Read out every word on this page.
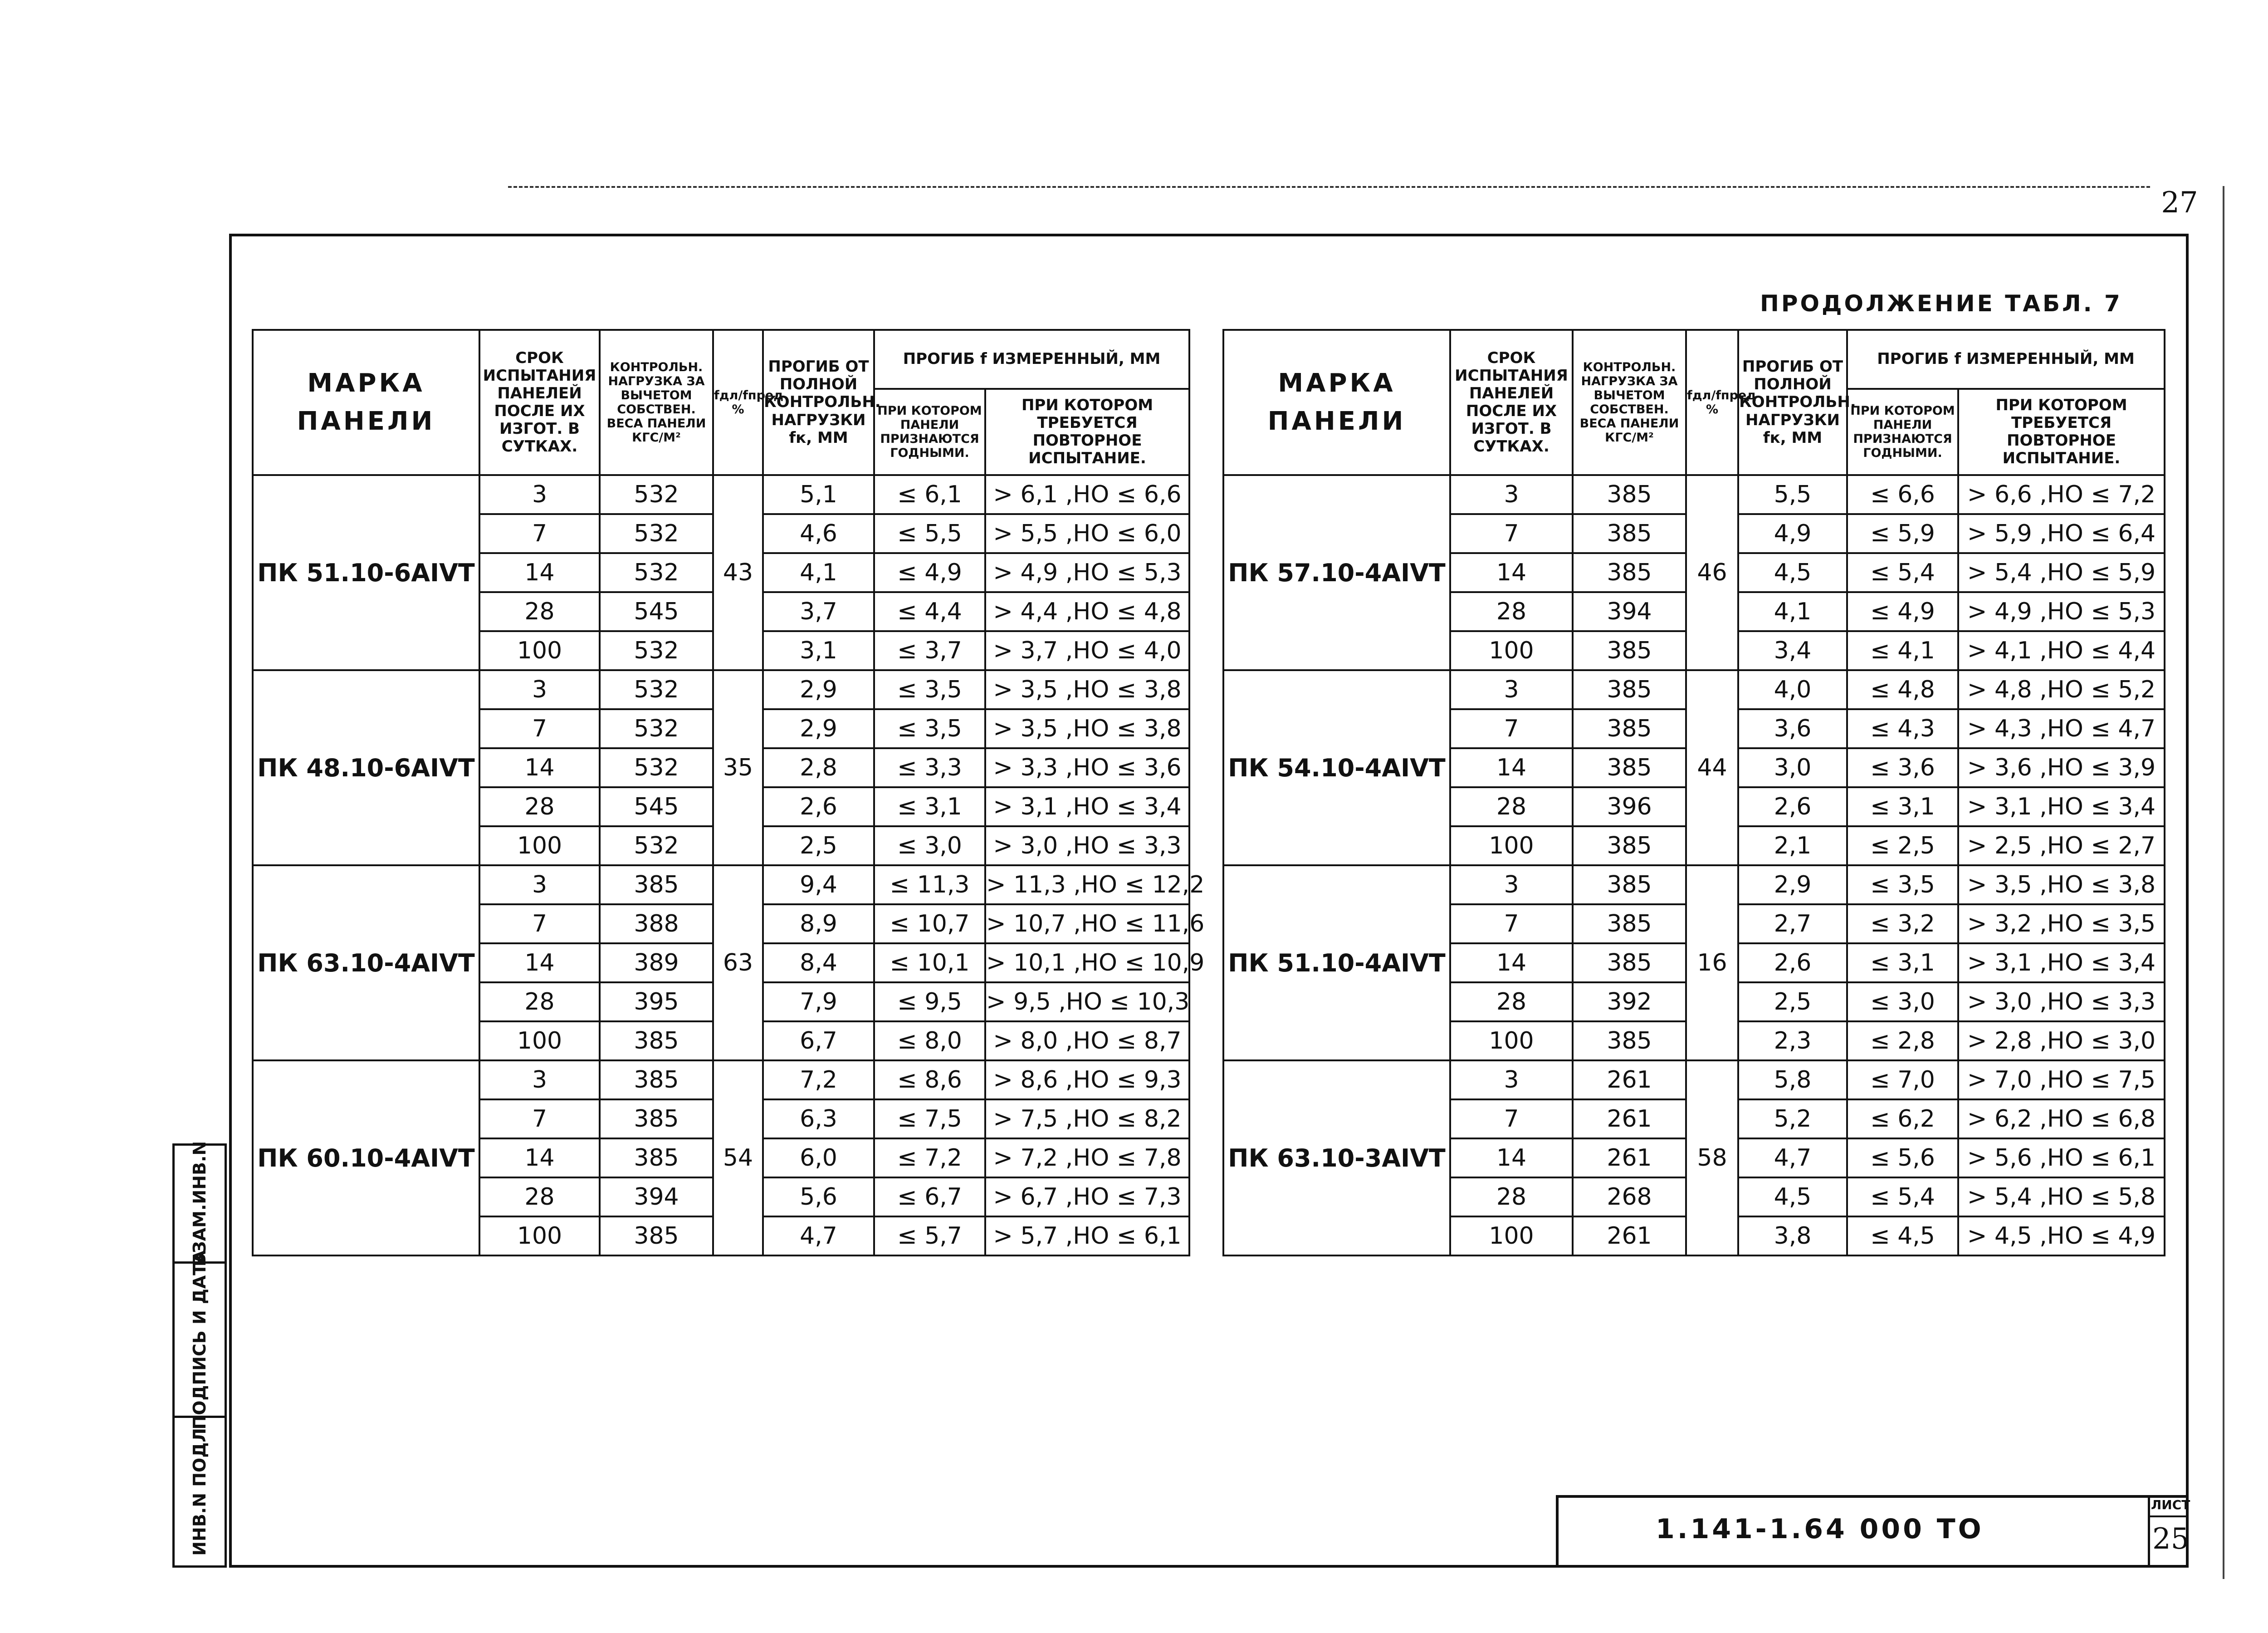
27
ПРОДОЛЖЕНИЕ ТАБЛ. 7
МАРКА ПАНЕЛИ	СРОК ИСПЫТАНИЯ ПАНЕЛЕЙ ПОСЛЕ ИХ ИЗГОТ. В СУТКАХ.	КОНТРОЛЬН. НАГРУЗКА ЗА ВЫЧЕТОМ СОБСТВЕН. ВЕСА ПАНЕЛИ КГС/М²	fдл/fпред %	ПРОГИБ ОТ ПОЛНОЙ КОНТРОЛЬН. НАГРУЗКИ fк, ММ	ПРОГИБ f ИЗМЕРЕННЫЙ, ММ	
					ПРИ КОТОРОМ ПАНЕЛИ ПРИЗНАЮТСЯ ГОДНЫМИ.	ПРИ КОТОРОМ ТРЕБУЕТСЯ ПОВТОРНОЕ ИСПЫТАНИЕ.
ПК 51.10-6AIVT	3	532	43	5,1	≤ 6,1	> 6,1 ,НО ≤ 6,6
	7	532		4,6	≤ 5,5	> 5,5 ,НО ≤ 6,0
	14	532		4,1	≤ 4,9	> 4,9 ,НО ≤ 5,3
	28	545		3,7	≤ 4,4	> 4,4 ,НО ≤ 4,8
	100	532		3,1	≤ 3,7	> 3,7 ,НО ≤ 4,0
ПК 48.10-6AIVT	3	532	35	2,9	≤ 3,5	> 3,5 ,НО ≤ 3,8
	7	532		2,9	≤ 3,5	> 3,5 ,НО ≤ 3,8
	14	532		2,8	≤ 3,3	> 3,3 ,НО ≤ 3,6
	28	545		2,6	≤ 3,1	> 3,1 ,НО ≤ 3,4
	100	532		2,5	≤ 3,0	> 3,0 ,НО ≤ 3,3
ПК 63.10-4AIVT	3	385	63	9,4	≤ 11,3	> 11,3 ,НО ≤ 12,2
	7	388		8,9	≤ 10,7	> 10,7 ,НО ≤ 11,6
	14	389		8,4	≤ 10,1	> 10,1 ,НО ≤ 10,9
	28	395		7,9	≤ 9,5	> 9,5 ,НО ≤ 10,3
	100	385		6,7	≤ 8,0	> 8,0 ,НО ≤ 8,7
ПК 60.10-4AIVT	3	385	54	7,2	≤ 8,6	> 8,6 ,НО ≤ 9,3
	7	385		6,3	≤ 7,5	> 7,5 ,НО ≤ 8,2
	14	385		6,0	≤ 7,2	> 7,2 ,НО ≤ 7,8
	28	394		5,6	≤ 6,7	> 6,7 ,НО ≤ 7,3
	100	385		4,7	≤ 5,7	> 5,7 ,НО ≤ 6,1
МАРКА ПАНЕЛИ	СРОК ИСПЫТАНИЯ ПАНЕЛЕЙ ПОСЛЕ ИХ ИЗГОТ. В СУТКАХ.	КОНТРОЛЬН. НАГРУЗКА ЗА ВЫЧЕТОМ СОБСТВЕН. ВЕСА ПАНЕЛИ КГС/М²	fдл/fпред %	ПРОГИБ ОТ ПОЛНОЙ КОНТРОЛЬН. НАГРУЗКИ fк, ММ	ПРОГИБ f ИЗМЕРЕННЫЙ, ММ	
					ПРИ КОТОРОМ ПАНЕЛИ ПРИЗНАЮТСЯ ГОДНЫМИ.	ПРИ КОТОРОМ ТРЕБУЕТСЯ ПОВТОРНОЕ ИСПЫТАНИЕ.
ПК 57.10-4AIVT	3	385	46	5,5	≤ 6,6	> 6,6 ,НО ≤ 7,2
	7	385		4,9	≤ 5,9	> 5,9 ,НО ≤ 6,4
	14	385		4,5	≤ 5,4	> 5,4 ,НО ≤ 5,9
	28	394		4,1	≤ 4,9	> 4,9 ,НО ≤ 5,3
	100	385		3,4	≤ 4,1	> 4,1 ,НО ≤ 4,4
ПК 54.10-4AIVT	3	385	44	4,0	≤ 4,8	> 4,8 ,НО ≤ 5,2
	7	385		3,6	≤ 4,3	> 4,3 ,НО ≤ 4,7
	14	385		3,0	≤ 3,6	> 3,6 ,НО ≤ 3,9
	28	396		2,6	≤ 3,1	> 3,1 ,НО ≤ 3,4
	100	385		2,1	≤ 2,5	> 2,5 ,НО ≤ 2,7
ПК 51.10-4AIVT	3	385	16	2,9	≤ 3,5	> 3,5 ,НО ≤ 3,8
	7	385		2,7	≤ 3,2	> 3,2 ,НО ≤ 3,5
	14	385		2,6	≤ 3,1	> 3,1 ,НО ≤ 3,4
	28	392		2,5	≤ 3,0	> 3,0 ,НО ≤ 3,3
	100	385		2,3	≤ 2,8	> 2,8 ,НО ≤ 3,0
ПК 63.10-3AIVT	3	261	58	5,8	≤ 7,0	> 7,0 ,НО ≤ 7,5
	7	261		5,2	≤ 6,2	> 6,2 ,НО ≤ 6,8
	14	261		4,7	≤ 5,6	> 5,6 ,НО ≤ 6,1
	28	268		4,5	≤ 5,4	> 5,4 ,НО ≤ 5,8
	100	261		3,8	≤ 4,5	> 4,5 ,НО ≤ 4,9
ВЗАМ.ИНВ.N
ПОДПИСЬ И ДАТА
ИНВ.N ПОДЛ	1.141-1.64 000 ТО
ЛИСТ
25
